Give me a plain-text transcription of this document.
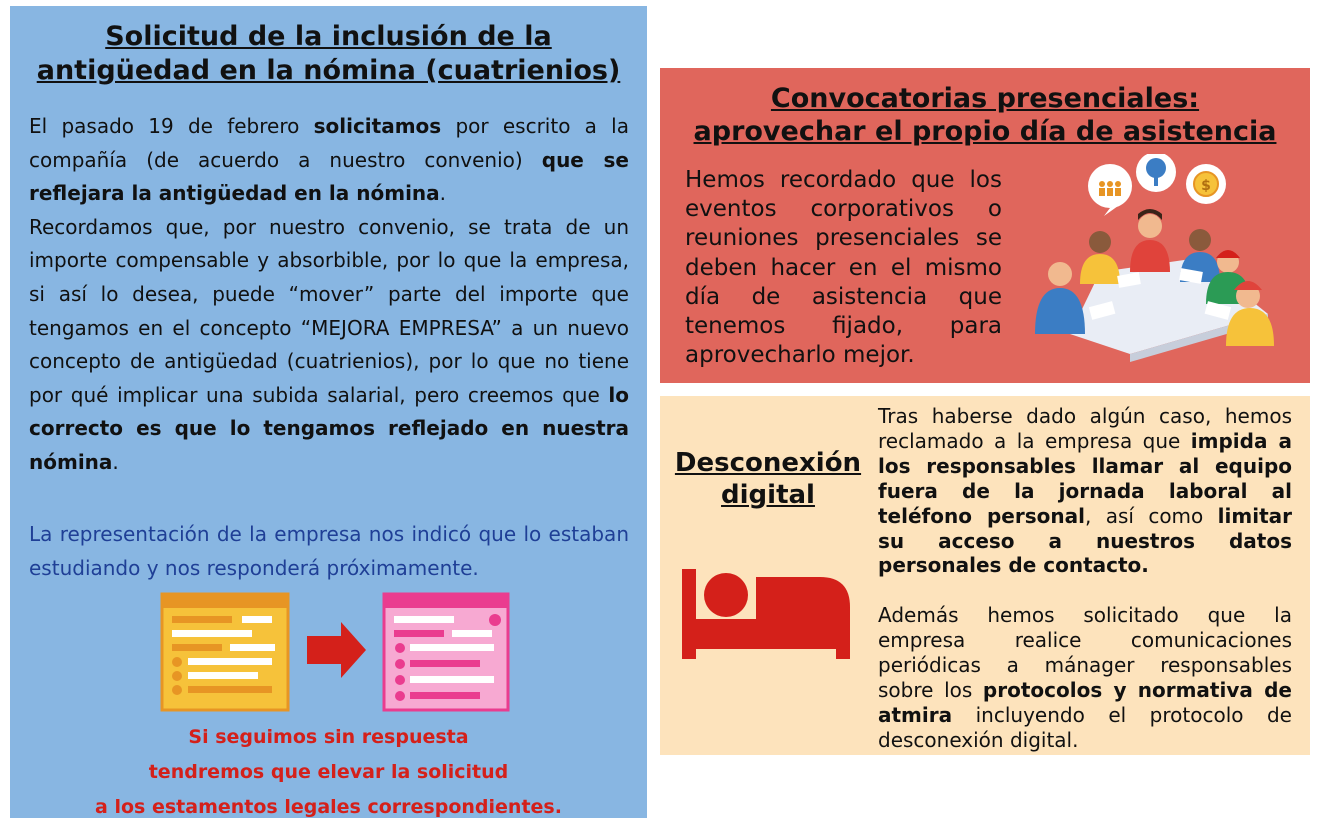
Solicitud de la inclusión de la
antigüedad en la nómina (cuatrienios)

El pasado 19 de febrero solicitamos por escrito a la compañía (de acuerdo a nuestro convenio) que se reflejara la antigüedad en la nómina.

Recordamos que, por nuestro convenio, se trata de un importe compensable y absorbible, por lo que la empresa, si así lo desea, puede “mover” parte del importe que tengamos en el concepto “MEJORA EMPRESA” a un nuevo concepto de antigüedad (cuatrienios), por lo que no tiene por qué implicar una subida salarial, pero creemos que lo correcto es que lo tengamos reflejado en nuestra nómina.

La representación de la empresa nos indicó que lo estaban estudiando y nos responderá próximamente.
Si seguimos sin respuesta
tendremos que elevar la solicitud
a los estamentos legales correspondientes.
Convocatorias presenciales:
aprovechar el propio día de asistencia
Hemos recordado que los eventos corporativos o reuniones presenciales se deben hacer en el mismo día de asistencia que tenemos fijado, para aprovecharlo mejor.
$
Desconexión
digital

Tras haberse dado algún caso, hemos reclamado a la empresa que impida a los responsables llamar al equipo fuera de la jornada laboral al teléfono personal, así como limitar su acceso a nuestros datos personales de contacto.

Además hemos solicitado que la empresa realice comunicaciones periódicas a mánager responsables sobre los protocolos y normativa de atmira incluyendo el protocolo de desconexión digital.
